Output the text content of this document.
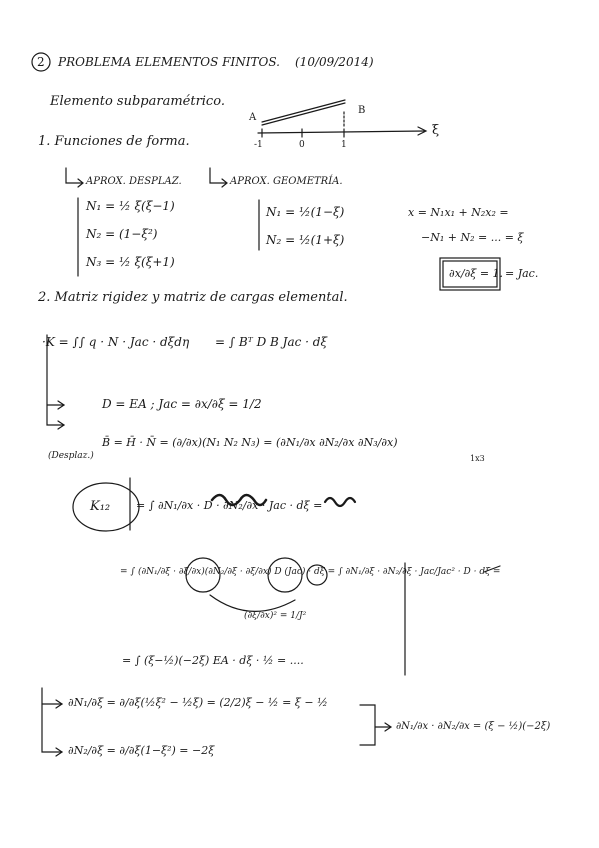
2 PROBLEMA ELEMENTOS FINITOS. (10/09/2014)
Elemento subparamétrico.
A
B
ξ
-1	0	1
1. Funciones de forma.
APROX. DESPLAZ.	APROX. GEOMETRÍA.
N₁ = ½ ξ(ξ−1)
N₂ = (1−ξ²)
N₃ = ½ ξ(ξ+1)
N₁ = ½(1−ξ)
N₂ = ½(1+ξ)
x = N₁x₁ + N₂x₂ =
−N₁ + N₂ = ... = ξ
∂x/∂ξ = 1. = Jac.
2. Matriz rigidez y matriz de cargas elemental.
·K = ∫∫ q · N · Jac · dξdη = ∫ Bᵀ D B Jac · dξ
D = EA ; Jac = ∂x/∂ξ = 1/2
B̄ = H̄ · N̄ = (∂/∂x)(N₁ N₂ N₃) = (∂N₁/∂x ∂N₂/∂x ∂N₃/∂x)
1x3
(Desplaz.)
K₁₂ = ∫ ∂N₁/∂x · D · ∂N₂/∂x · Jac · dξ =
= ∫ (∂N₁/∂ξ · ∂ξ/∂x)(∂N₂/∂ξ · ∂ξ/∂x) D (Jac) · dξ = ∫ ∂N₁/∂ξ · ∂N₂/∂ξ · Jac/Jac² · D · dξ =
(∂ξ/∂x)² = 1/J²
= ∫ (ξ−½)(−2ξ) EA · dξ · ½ = ....
∂N₁/∂ξ = ∂/∂ξ(½ξ² − ½ξ) = (2/2)ξ − ½ = ξ − ½
∂N₂/∂ξ = ∂/∂ξ(1−ξ²) = −2ξ
∂N₁/∂x · ∂N₂/∂x = (ξ − ½)(−2ξ)
